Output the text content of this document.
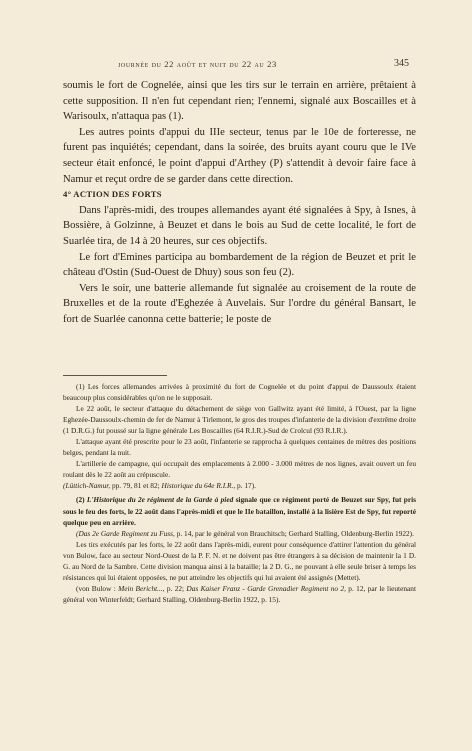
journée du 22 août et nuit du 22 au 23	345

soumis le fort de Cognelée, ainsi que les tirs sur le terrain en arrière, prêtaient à cette supposition. Il n'en fut cependant rien; l'ennemi, signalé aux Boscailles et à Warisoulx, n'attaqua pas (1).

Les autres points d'appui du IIIe secteur, tenus par le 10e de forteresse, ne furent pas inquiétés; cependant, dans la soirée, des bruits ayant couru que le IVe secteur était enfoncé, le point d'appui d'Arthey (P) s'attendit à devoir faire face à Namur et reçut ordre de se garder dans cette direction.

4° ACTION DES FORTS

Dans l'après-midi, des troupes allemandes ayant été signalées à Spy, à Isnes, à Bossière, à Golzinne, à Beuzet et dans le bois au Sud de cette localité, le fort de Suarlée tira, de 14 à 20 heures, sur ces objectifs.

Le fort d'Emines participa au bombardement de la région de Beuzet et prit le château d'Ostin (Sud-Ouest de Dhuy) sous son feu (2).

Vers le soir, une batterie allemande fut signalée au croisement de la route de Bruxelles et de la route d'Eghezée à Auvelais. Sur l'ordre du général Bansart, le fort de Suarlée canonna cette batterie; le poste de

(1) Les forces allemandes arrivées à proximité du fort de Cognelée et du point d'appui de Daussoulx étaient beaucoup plus considérables qu'on ne le supposait.

Le 22 août, le secteur d'attaque du détachement de siège von Gallwitz ayant été limité, à l'Ouest, par la ligne Eghezée-Daussoulx-chemin de fer de Namur à Tirlemont, le gros des troupes d'infanterie de la division d'extrême droite (1 D.R.G.) fut poussé sur la ligne générale Les Boscailles (64 R.I.R.)-Sud de Crolcul (93 R.I.R.).

L'attaque ayant été prescrite pour le 23 août, l'infanterie se rapprocha à quelques centaines de mètres des positions belges, pendant la nuit.

L'artillerie de campagne, qui occupait des emplacements à 2.000 - 3.000 mètres de nos lignes, avait ouvert un feu roulant dès le 22 août au crépuscule.
(Lüttich-Namur, pp. 79, 81 et 82; Historique du 64e R.I.R., p. 17).

(2) L'Historique du 2e régiment de la Garde à pied signale que ce régiment porté de Beuzet sur Spy, fut pris sous le feu des forts, le 22 août dans l'après-midi et que le IIe bataillon, installé à la lisière Est de Spy, fut reporté quelque peu en arrière.

(Das 2e Garde Regiment zu Fuss, p. 14, par le général von Brauchitsch; Gerhard Stalling, Oldenburg-Berlin 1922).

Les tirs exécutés par les forts, le 22 août dans l'après-midi, eurent pour conséquence d'attirer l'attention du général von Bulow, face au secteur Nord-Ouest de la P. F. N. et ne doivent pas être étrangers à sa décision de maintenir la 1 D. G. au Nord de la Sambre. Cette division manqua ainsi à la bataille; la 2 D. G., ne pouvant à elle seule briser à temps les résistances qui lui étaient opposées, ne put atteindre les objectifs qui lui avaient été assignés (Mettet).

(von Bulow : Mein Bericht..., p. 22; Das Kaiser Franz - Garde Grenadier Regiment no 2, p. 12, par le lieutenant général von Winterfeldt; Gerhard Stalling, Oldenburg-Berlin 1922, p. 15).
